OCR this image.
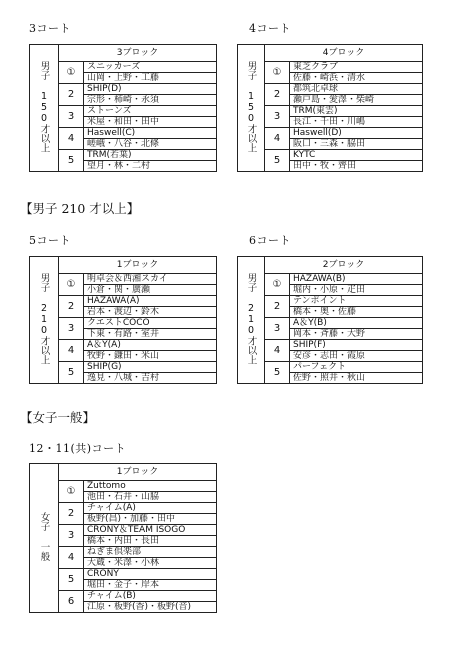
3コート	4コート
男子 150才以上	3ブロック	
	①	スニッカーズ
		山岡・上野・工藤
	2	SHIP(D)
		宗形・柿崎・永須
	3	ストーンズ
		米屋・和田・田中
	4	Haswell(C)
		嵯峨・八谷・北條
	5	TRM(若葉)
		望月・林・二村
男子 150才以上	4ブロック	
	①	東芝クラブ
		佐藤・崎浜・清水
	2	都筑北卓球
		瀬戸島・愛澤・柴崎
	3	TRM(東雲)
		長江・千田・川嶋
	4	Haswell(D)
		阪口・三森・脇田
	5	KYTC
		田中・牧・齊田
【男子 210 才以上】
5コート	6コート
男子 210才以上	1ブロック	
	①	明卓会＆西湘スカイ
		小倉・関・廣瀬
	2	HAZAWA(A)
		岩本・渡辺・鈴木
	3	クエストCOCO
		下東・有路・室井
	4	A＆Y(A)
		牧野・鎌田・米山
	5	SHIP(G)
		逸見・八城・吉村
男子 210才以上	2ブロック	
	①	HAZAWA(B)
		堀内・小原・疋田
	2	テンポイント
		橋本・奥・佐藤
	3	A＆Y(B)
		岡本・斉藤・大野
	4	SHIP(F)
		安彦・志田・霞原
	5	パーフェクト
		佐野・照井・秋山
【女子一般】
12・11(共)コート
女子 一般	1ブロック	
	①	Zuttomo
		池田・石井・山脇
	2	チャイム(A)
		板野(昌)・加藤・田中
	3	CRONY＆TEAM ISOGO
		橋本・内田・長田
	4	ねぎま倶楽部
		大蔵・米澤・小林
	5	CRONY
		堀田・金子・岸本
	6	チャイム(B)
		江原・板野(香)・板野(音)
